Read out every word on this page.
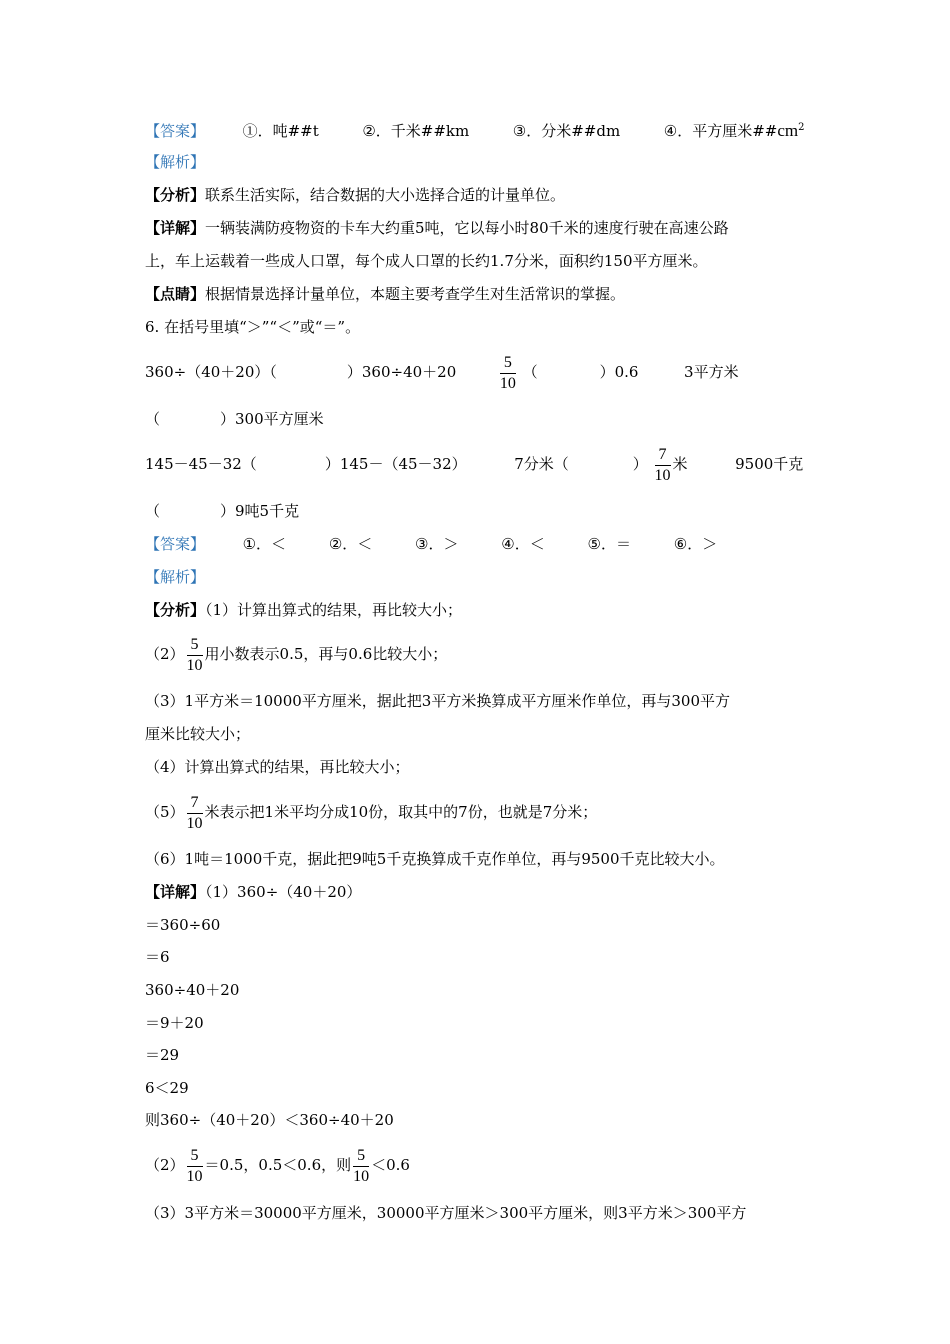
【答案】	①．吨##t	②．千米##km	③．分米##dm	④．平方厘米$\#\#cm^2$
【解析】
【分析】联系生活实际，结合数据的大小选择合适的计量单位。
【详解】一辆装满防疫物资的卡车大约重5吨，它以每小时80千米的速度行驶在高速公路
上，车上运载着一些成人口罩，每个成人口罩的长约1.7分米，面积约150平方厘米。
【点睛】根据情景选择计量单位，本题主要考查学生对生活常识的掌握。
6. 在括号里填“＞”“＜”或“＝”。
360÷（40＋20）（	）360÷40＋20	$\frac{5}{10}$ （	）0.6	3平方米
（　　　　）300平方厘米
145－45－32（	）145－（45－32）	7分米（	） $\frac{7}{10}$ 米	9500千克
（　　　　）9吨5千克
【答案】	①．＜	②．＜	③．＞	④．＜	⑤．＝	⑥．＞
【解析】
【分析】（1）计算出算式的结果，再比较大小；
$(2) \frac{5}{10}$ 用小数表示0.5，再与0.6比较大小；
（3）1平方米＝10000平方厘米，据此把3平方米换算成平方厘米作单位，再与300平方
厘米比较大小；
（4）计算出算式的结果，再比较大小；
$(5) \frac{7}{10}$ 米表示把1米平均分成10份，取其中的7份，也就是7分米；
（6）1吨＝1000千克，据此把9吨5千克换算成千克作单位，再与9500千克比较大小。
【详解】（1）360÷（40＋20）
＝360÷60
＝6
360÷40＋20
＝9＋20
＝29
6＜29
则360÷（40＋20）＜360÷40＋20
$(2) \frac{5}{10} =0.5$，0.5＜0.6，则 $\frac{5}{10} <0.6$
（3）3平方米＝30000平方厘米，30000平方厘米＞300平方厘米，则3平方米＞300平方
